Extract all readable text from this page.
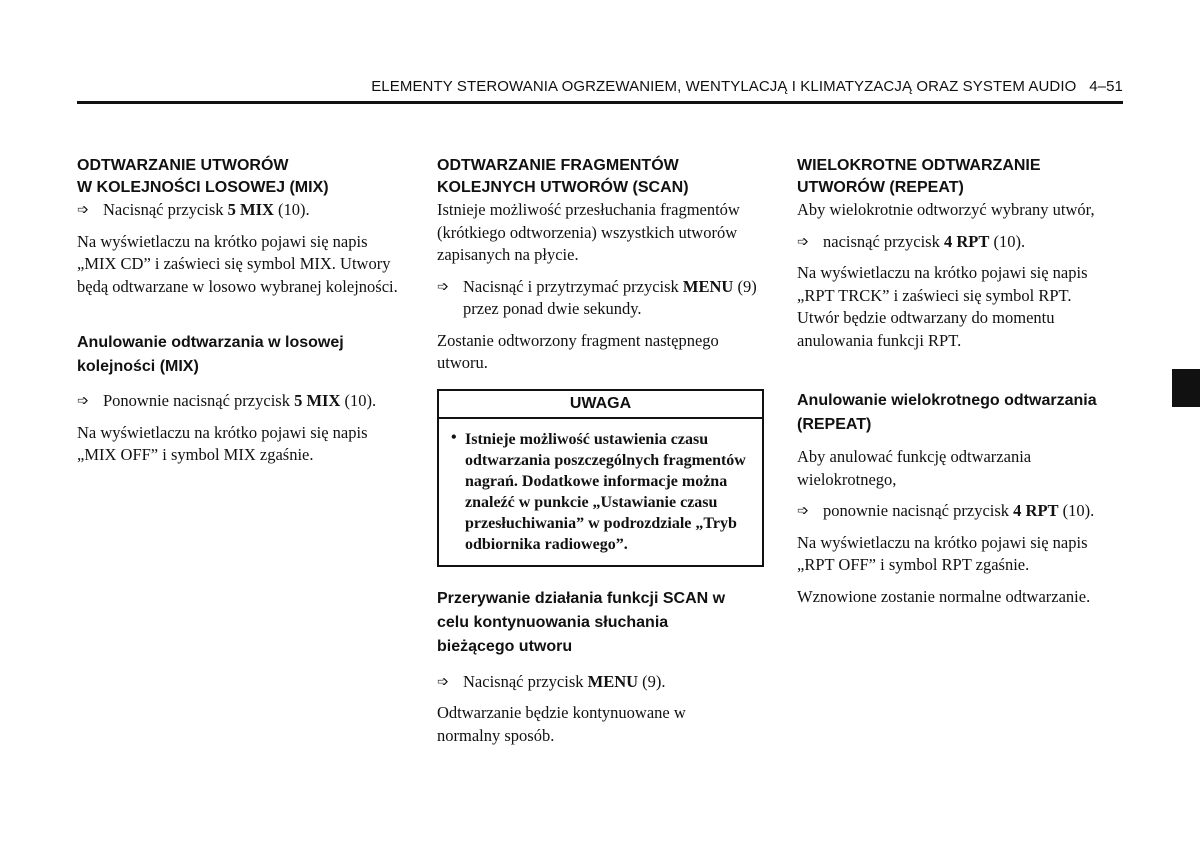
ELEMENTY STEROWANIA OGRZEWANIEM, WENTYLACJĄ I KLIMATYZACJĄ ORAZ SYSTEM AUDIO 4–51
ODTWARZANIE UTWORÓW
W KOLEJNOŚCI LOSOWEJ (MIX)
➩ Nacisnąć przycisk 5 MIX (10).

Na wyświetlaczu na krótko pojawi się napis „MIX CD” i zaświeci się symbol MIX. Utwory będą odtwarzane w losowo wybranej kolejności.

Anulowanie odtwarzania w losowej kolejności (MIX)
➩ Ponownie nacisnąć przycisk 5 MIX (10).

Na wyświetlaczu na krótko pojawi się napis „MIX OFF” i symbol MIX zgaśnie.

ODTWARZANIE FRAGMENTÓW
KOLEJNYCH UTWORÓW (SCAN)

Istnieje możliwość przesłuchania fragmentów (krótkiego odtworzenia) wszystkich utworów zapisanych na płycie.

➩ Nacisnąć i przytrzymać przycisk MENU (9) przez ponad dwie sekundy.

Zostanie odtworzony fragment następnego utworu.

UWAGA
• Istnieje możliwość ustawienia czasu odtwarzania poszczególnych fragmentów nagrań. Dodatkowe informacje można znaleźć w punkcie „Ustawianie czasu przesłuchiwania” w podrozdziale „Tryb odbiornika radiowego”.
Przerywanie działania funkcji SCAN w celu kontynuowania słuchania bieżącego utworu
➩ Nacisnąć przycisk MENU (9).

Odtwarzanie będzie kontynuowane w normalny sposób.

WIELOKROTNE ODTWARZANIE
UTWORÓW (REPEAT)

Aby wielokrotnie odtworzyć wybrany utwór,

➩ nacisnąć przycisk 4 RPT (10).

Na wyświetlaczu na krótko pojawi się napis „RPT TRCK” i zaświeci się symbol RPT. Utwór będzie odtwarzany do momentu anulowania funkcji RPT.

Anulowanie wielokrotnego odtwarzania (REPEAT)

Aby anulować funkcję odtwarzania wielokrotnego,

➩ ponownie nacisnąć przycisk 4 RPT (10).

Na wyświetlaczu na krótko pojawi się napis „RPT OFF” i symbol RPT zgaśnie.

Wznowione zostanie normalne odtwarzanie.
